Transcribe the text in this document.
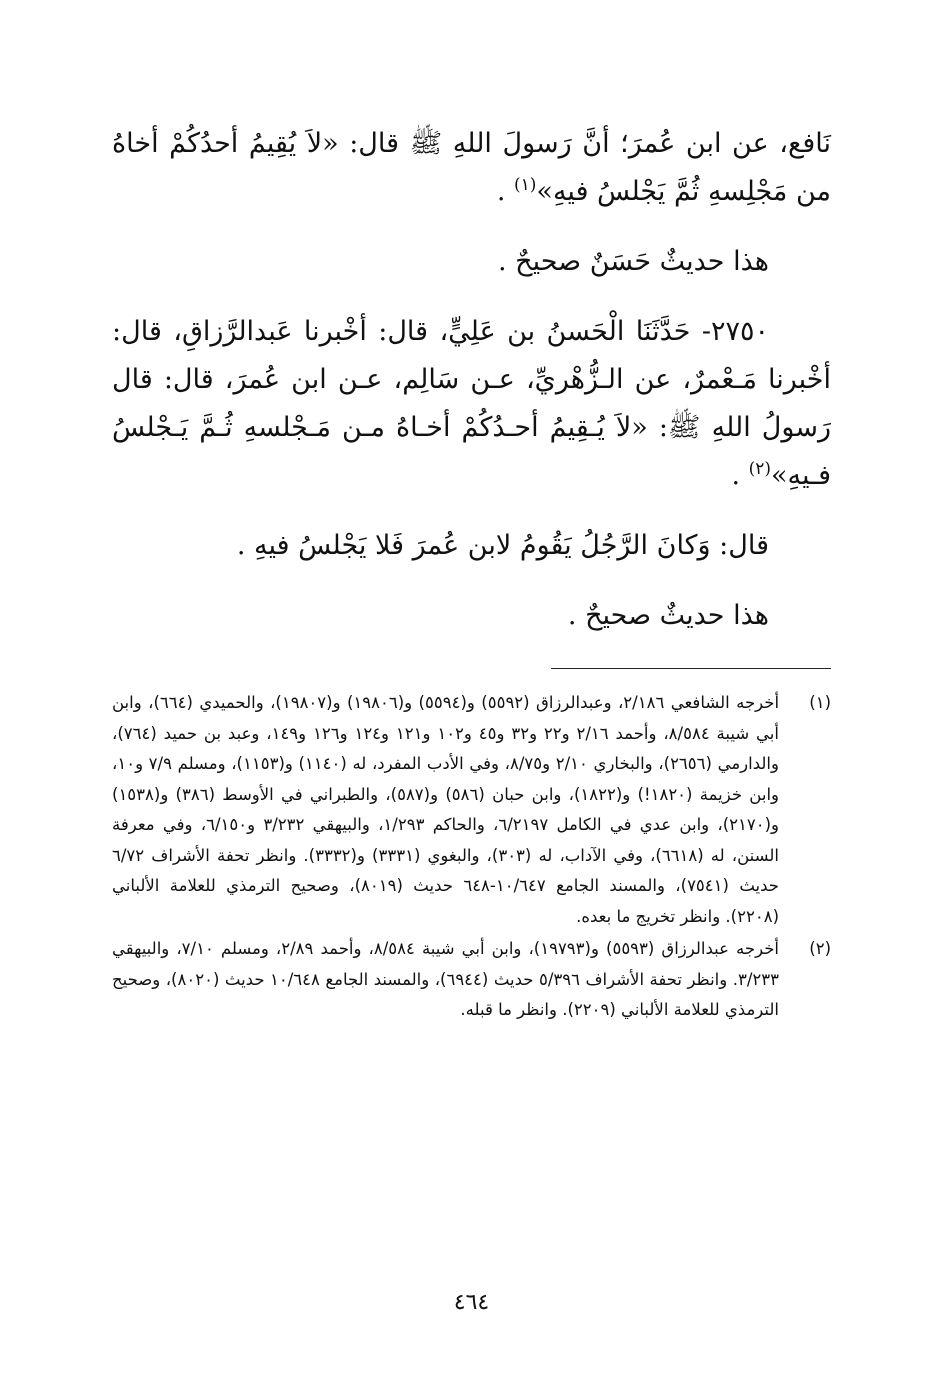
نَافع، عن ابن عُمرَ؛ أنَّ رَسولَ اللهِ ﷺ قال: «لاَ يُقِيمُ أحدُكُمْ أخاهُ من مَجْلِسهِ ثُمَّ يَجْلسُ فيهِ»$^{(١)}$ .

هذا حديثٌ حَسَنٌ صحيحٌ .

٢٧٥٠- حَدَّثَنَا الْحَسنُ بن عَلِيٍّ، قال: أخْبرنا عَبدالرَّزاقِ، قال: أخْبرنا مَـعْمرٌ، عن الـزُّهْريِّ، عـن سَالِم، عـن ابن عُمرَ، قال: قال رَسولُ اللهِ ﷺ: «لاَ يُـقِيمُ أحـدُكُمْ أخـاهُ مـن مَـجْلسهِ ثُـمَّ يَـجْلسُ فـيهِ»$^{(٢)}$ .

قال: وَكانَ الرَّجُلُ يَقُومُ لابن عُمرَ فَلا يَجْلسُ فيهِ .

هذا حديثٌ صحيحٌ .

(١)
أخرجه الشافعي ٢/١٨٦، وعبدالرزاق (٥٥٩٢) و(٥٥٩٤) و(١٩٨٠٦) و(١٩٨٠٧)، والحميدي (٦٦٤)، وابن أبي شيبة ٨/٥٨٤، وأحمد ٢/١٦ و٢٢ و٣٢ و٤٥ و١٠٢ و١٢١ و١٢٤ و١٢٦ و١٤٩، وعبد بن حميد (٧٦٤)، والدارمي (٢٦٥٦)، والبخاري ٢/١٠ و٨/٧٥، وفي الأدب المفرد، له (١١٤٠) و(١١٥٣)، ومسلم ٧/٩ و١٠، وابن خزيمة (١٨٢٠!) و(١٨٢٢)، وابن حبان (٥٨٦) و(٥٨٧)، والطبراني في الأوسط (٣٨٦) و(١٥٣٨) و(٢١٧٠)، وابن عدي في الكامل ٦/٢١٩٧، والحاكم ١/٢٩٣، والبيهقي ٣/٢٣٢ و٦/١٥٠، وفي معرفة السنن، له (٦٦١٨)، وفي الآداب، له (٣٠٣)، والبغوي (٣٣٣١) و(٣٣٣٢). وانظر تحفة الأشراف ٦/٧٢ حديث (٧٥٤١)، والمسند الجامع ١٠/٦٤٧-٦٤٨ حديث (٨٠١٩)، وصحيح الترمذي للعلامة الألباني (٢٢٠٨). وانظر تخريج ما بعده.
(٢)
أخرجه عبدالرزاق (٥٥٩٣) و(١٩٧٩٣)، وابن أبي شيبة ٨/٥٨٤، وأحمد ٢/٨٩، ومسلم ٧/١٠، والبيهقي ٣/٢٣٣. وانظر تحفة الأشراف ٥/٣٩٦ حديث (٦٩٤٤)، والمسند الجامع ١٠/٦٤٨ حديث (٨٠٢٠)، وصحيح الترمذي للعلامة الألباني (٢٢٠٩). وانظر ما قبله.
٤٦٤
